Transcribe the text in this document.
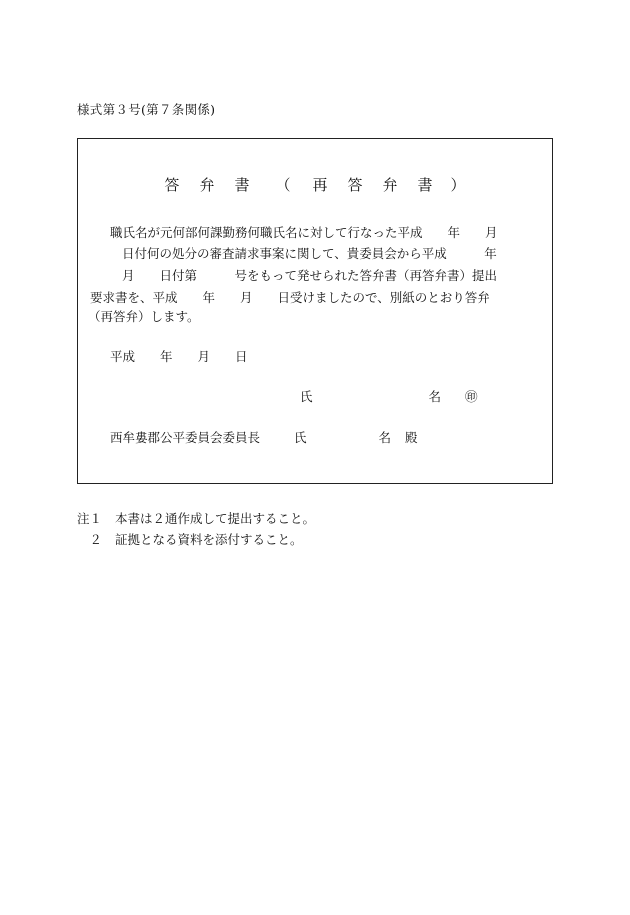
様式第３号(第７条関係)
答 弁 書 （ 再 答 弁 書 ）
職氏名が元何部何課勤務何職氏名に対して行なった平成　　年　　月
日付何の処分の審査請求事案に関して、貴委員会から平成　　　年
月　　日付第　　　号をもって発せられた答弁書（再答弁書）提出
要求書を、平成　　年　　月　　日受けましたので、別紙のとおり答弁
（再答弁）します。
平成　　年　　月　　日
氏	名 ㊞
西牟婁郡公平委員会委員長	氏	名 殿
注１ 本書は２通作成して提出すること。
　２ 証拠となる資料を添付すること。
